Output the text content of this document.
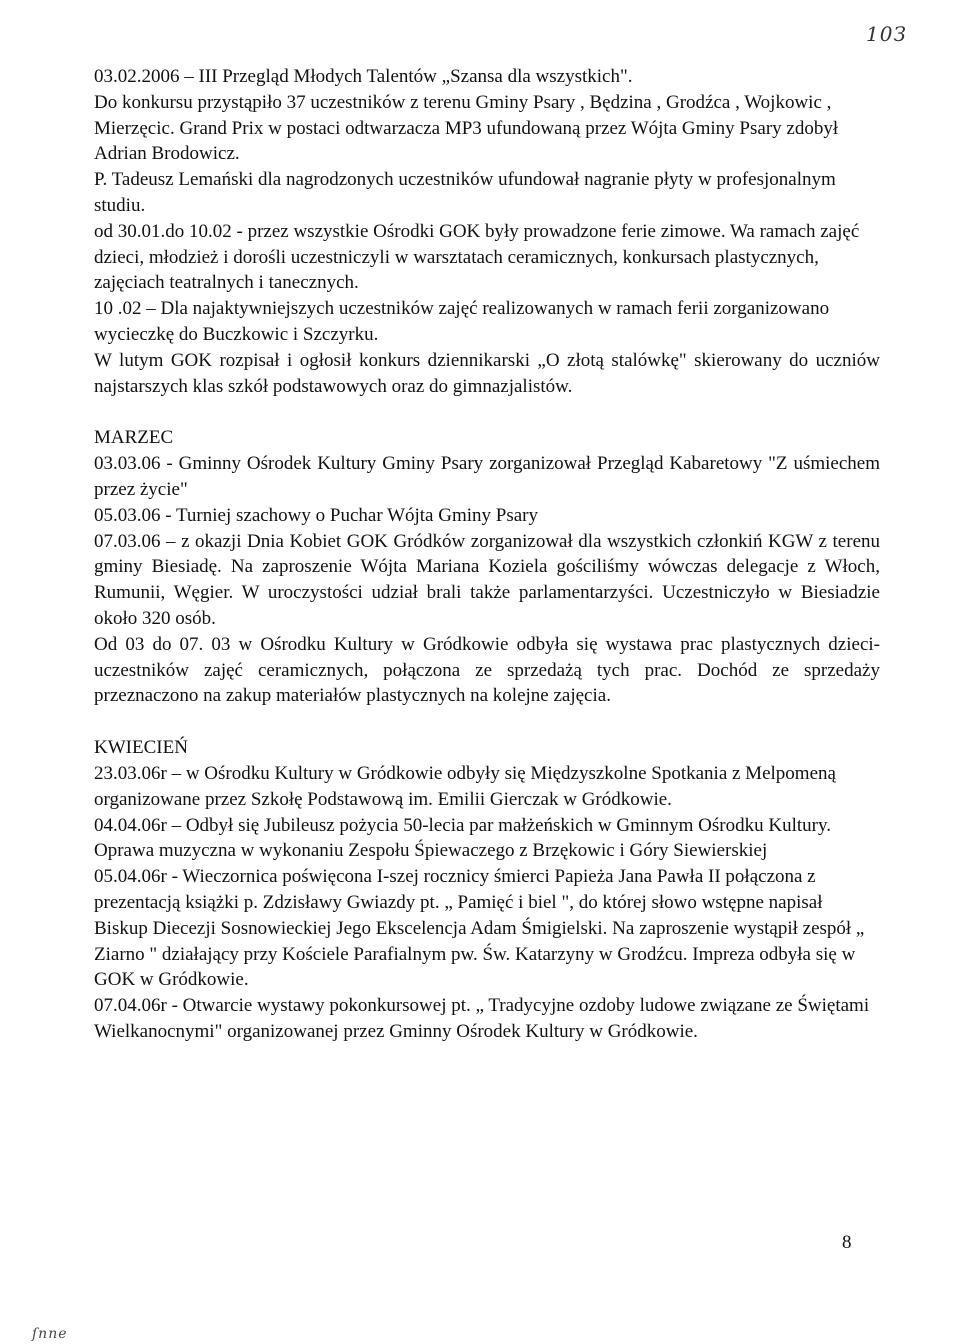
10З

03.02.2006 – III Przegląd Młodych Talentów „Szansa dla wszystkich".

Do konkursu przystąpiło 37 uczestników z terenu Gminy Psary , Będzina , Grodźca , Wojkowic , Mierzęcic. Grand Prix w postaci odtwarzacza MP3 ufundowaną przez Wójta Gminy Psary zdobył Adrian Brodowicz.

P. Tadeusz Lemański dla nagrodzonych uczestników ufundował nagranie płyty w profesjonalnym studiu.

od 30.01.do 10.02 - przez wszystkie Ośrodki GOK były prowadzone ferie zimowe. Wa ramach zajęć dzieci, młodzież i dorośli uczestniczyli w warsztatach ceramicznych, konkursach plastycznych, zajęciach teatralnych i tanecznych.

10 .02 – Dla najaktywniejszych uczestników zajęć realizowanych w ramach ferii zorganizowano wycieczkę do Buczkowic i Szczyrku.

W lutym GOK rozpisał i ogłosił konkurs dziennikarski „O złotą stalówkę" skierowany do uczniów najstarszych klas szkół podstawowych oraz do gimnazjalistów.

MARZEC

03.03.06 - Gminny Ośrodek Kultury Gminy Psary zorganizował Przegląd Kabaretowy "Z uśmiechem przez życie"

05.03.06 - Turniej szachowy o Puchar Wójta Gminy Psary

07.03.06 – z okazji Dnia Kobiet GOK Gródków zorganizował dla wszystkich członkiń KGW z terenu gminy Biesiadę. Na zaproszenie Wójta Mariana Koziela gościliśmy wówczas delegacje z Włoch, Rumunii, Węgier. W uroczystości udział brali także parlamentarzyści. Uczestniczyło w Biesiadzie około 320 osób.

Od 03 do 07. 03 w Ośrodku Kultury w Gródkowie odbyła się wystawa prac plastycznych dzieci-uczestników zajęć ceramicznych, połączona ze sprzedażą tych prac. Dochód ze sprzedaży przeznaczono na zakup materiałów plastycznych na kolejne zajęcia.

KWIECIEŃ

23.03.06r – w Ośrodku Kultury w Gródkowie odbyły się Międzyszkolne Spotkania z Melpomeną organizowane przez Szkołę Podstawową im. Emilii Gierczak w Gródkowie.

04.04.06r – Odbył się Jubileusz pożycia 50-lecia par małżeńskich w Gminnym Ośrodku Kultury. Oprawa muzyczna w wykonaniu Zespołu Śpiewaczego z Brzękowic i Góry Siewierskiej

05.04.06r - Wieczornica poświęcona I-szej rocznicy śmierci Papieża Jana Pawła II połączona z prezentacją książki p. Zdzisławy Gwiazdy pt. „ Pamięć i biel ", do której słowo wstępne napisał Biskup Diecezji Sosnowieckiej Jego Ekscelencja Adam Śmigielski. Na zaproszenie wystąpił zespół „ Ziarno " działający przy Kościele Parafialnym pw. Św. Katarzyny w Grodźcu. Impreza odbyła się w GOK w Gródkowie.

07.04.06r - Otwarcie wystawy pokonkursowej pt. „ Tradycyjne ozdoby ludowe związane ze Świętami Wielkanocnymi" organizowanej przez Gminny Ośrodek Kultury w Gródkowie.

8
ſnne
